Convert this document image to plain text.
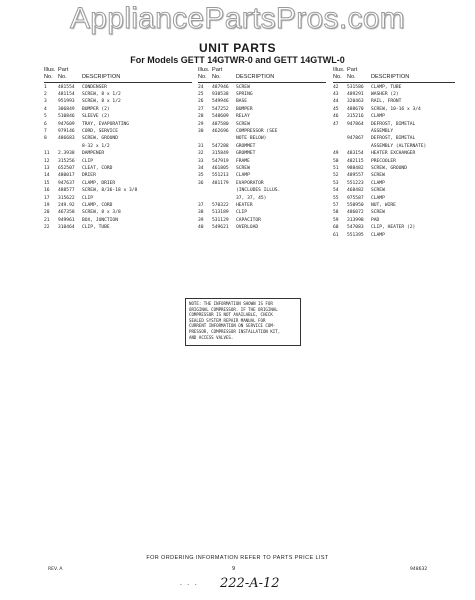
AppliancePartsPros.com
UNIT PARTS
For Models GETT 14GTWR-0 and GETT 14GTWL-0
Illus. Part
No. No.	DESCRIPTION
1 481554 CONDENSER
2 481154 SCREW, 8 x 1/2
3 951993 SCREW, 8 x 1/2
4 306849 BUMPER (2)
5 510846 SLEEVE (2)
6 947609 TRAY, EVAPORATING
7 979146 CORD, SERVICE
8 486683 SCREW, GROUND
8-32 x 1/2
11 2.3938 DAMPENER
12 315256 CLIP
13 652507 CLEAT, CORD
14 480017 DRIER
15 947637 CLAMP, DRIER
16 488577 SCREW, 8/36-18 x 3/8
17 315622 CLIP
19 249.92 CLAMP, CORD
20 467358 SCREW, 8 x 3/8
21 949961 BOX, JUNCTION
22 310464 CLIP, TUBE
Illus. Part
No. No.	DESCRIPTION
24 487946 SCREW
25 938538 SPRING
26 549946 BASE
27 547252 BUMPER
28 548609 RELAY
29 487580 SCREW
30 462696 COMPRESSOR (SEE
NOTE BELOW)
31 547288 GROMMET
32 315849 GROMMET
33 547919 FRAME
34 461805 SCREW
35 551213 CLAMP
36 481179 EVAPORATOR
(INCLUDES ILLUS.
37, 37, 45)
37 570322 HEATER
38 513189 CLIP
39 531129 CAPACITOR
40 549621 OVERLOAD
Illus. Part
No. No.	DESCRIPTION
42 531586 CLAMP, TUBE
43 489291 WASHER (2)
44 320463 RAIL, FRONT
45 488670 SCREW, 10-16 x 3/4
46 315216 CLAMP
47 947864 DEFROST, BIMETAL
ASSEMBLY
947867 DEFROST, BIMETAL
ASSEMBLY (ALTERNATE)
49 483154 HEATER EXCHANGER
50 482115 PRECOOLER
51 988482 SCREW, GROUND
52 489557 SCREW
53 551223 CLAMP
54 468482 SCREW
55 975587 CLAMP
57 550950 NUT, WIRE
58 486072 SCREW
59 313998 PAD
60 547083 CLIP, HEATER (2)
61 551395 CLAMP
NOTE: THE INFORMATION SHOWN IS FOR
ORIGINAL COMPRESSOR. IF THE ORIGINAL
COMPRESSOR IS NOT AVAILABLE, CHECK
SEALED SYSTEM REPAIR MANUAL FOR
CURRENT INFORMATION ON SERVICE COM-
PRESSOR, COMPRESSOR INSTALLATION KIT,
AND ACCESS VALVES.
FOR ORDERING INFORMATION REFER TO PARTS PRICE LIST
REV. A	9	948632
- - - 222-A-12
